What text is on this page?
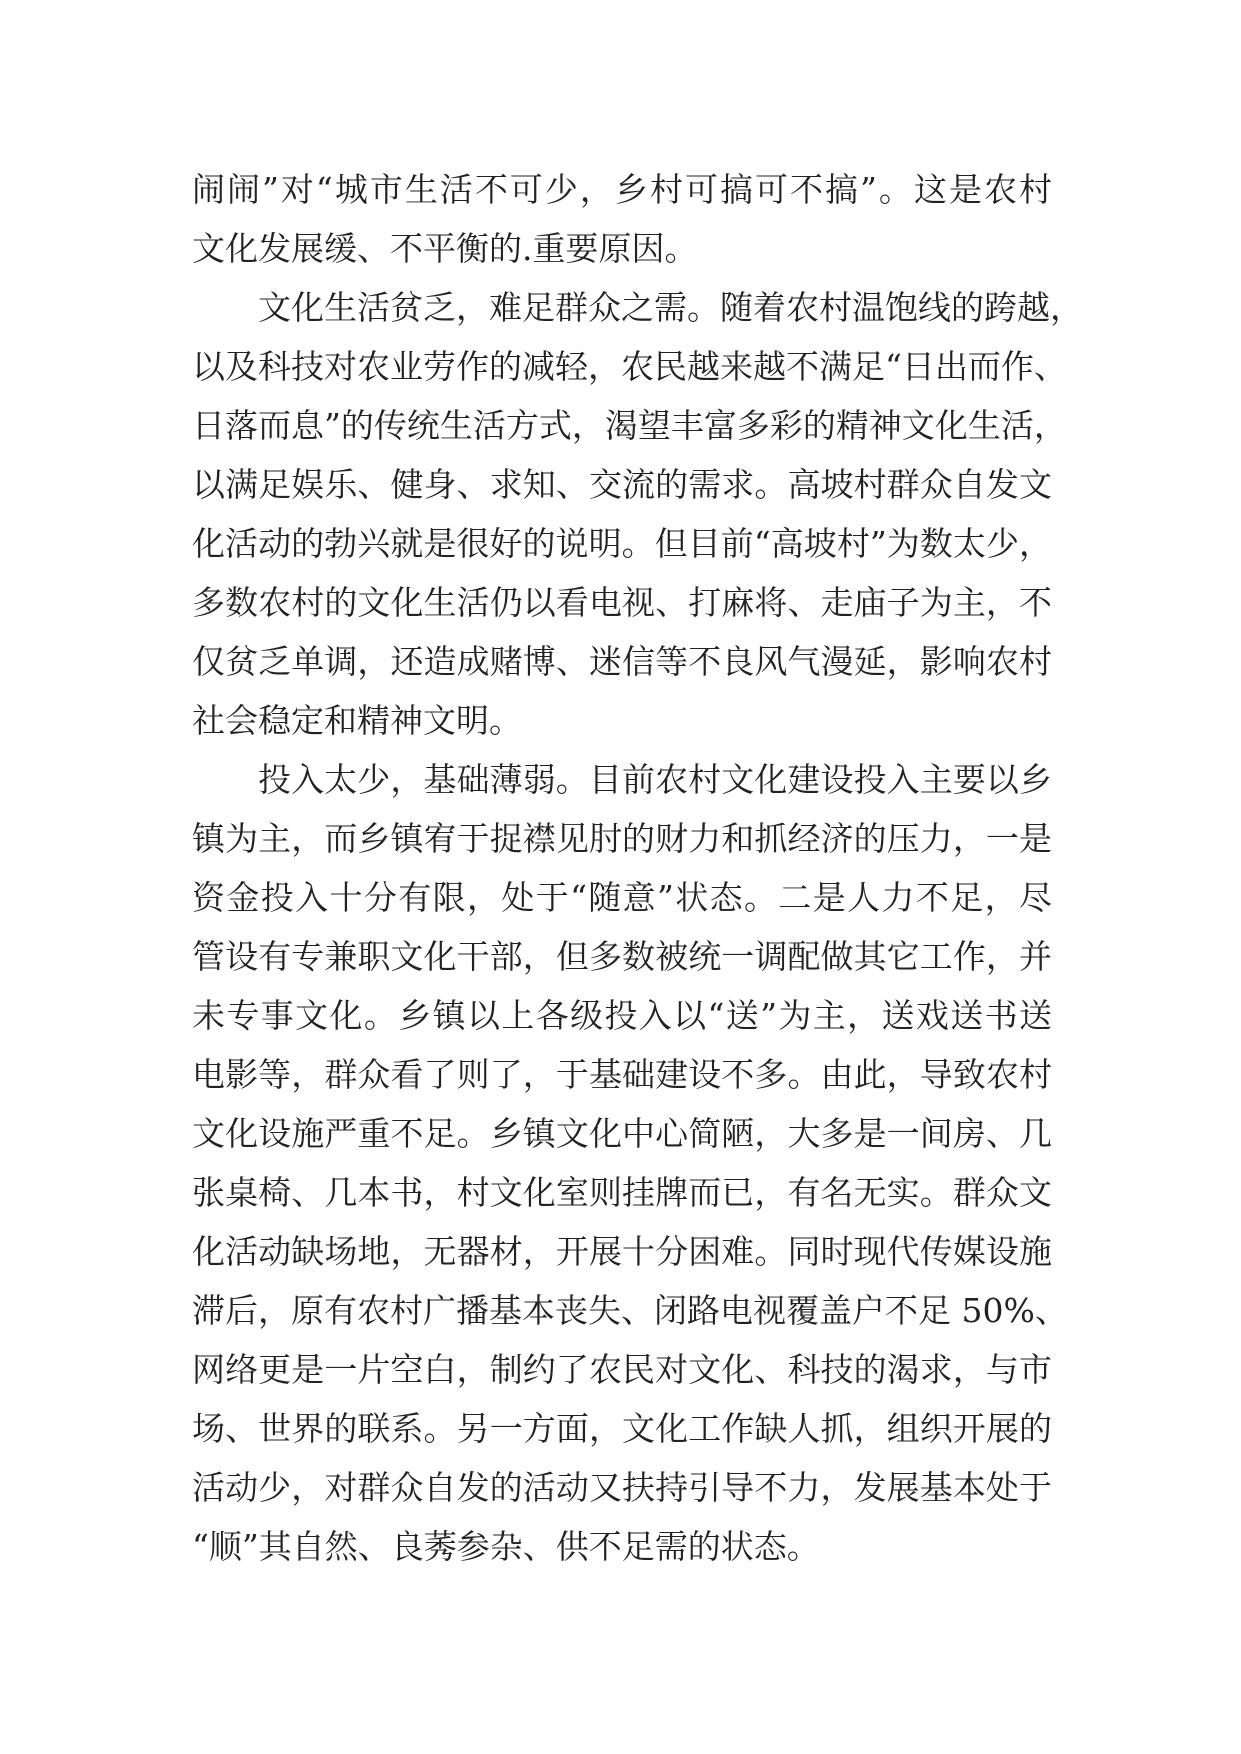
闹闹”对“城市生活不可少，乡村可搞可不搞”。这是农村
文化发展缓、不平衡的.重要原因。
文化生活贫乏，难足群众之需。随着农村温饱线的跨越，
以及科技对农业劳作的减轻，农民越来越不满足“日出而作、
日落而息”的传统生活方式，渴望丰富多彩的精神文化生活，
以满足娱乐、健身、求知、交流的需求。高坡村群众自发文
化活动的勃兴就是很好的说明。但目前“高坡村”为数太少，
多数农村的文化生活仍以看电视、打麻将、走庙子为主，不
仅贫乏单调，还造成赌博、迷信等不良风气漫延，影响农村
社会稳定和精神文明。
投入太少，基础薄弱。目前农村文化建设投入主要以乡
镇为主，而乡镇宥于捉襟见肘的财力和抓经济的压力，一是
资金投入十分有限，处于“随意”状态。二是人力不足，尽
管设有专兼职文化干部，但多数被统一调配做其它工作，并
未专事文化。乡镇以上各级投入以“送”为主，送戏送书送
电影等，群众看了则了，于基础建设不多。由此，导致农村
文化设施严重不足。乡镇文化中心简陋，大多是一间房、几
张桌椅、几本书，村文化室则挂牌而已，有名无实。群众文
化活动缺场地，无器材，开展十分困难。同时现代传媒设施
滞后，原有农村广播基本丧失、闭路电视覆盖户不足 50%、
网络更是一片空白，制约了农民对文化、科技的渴求，与市
场、世界的联系。另一方面，文化工作缺人抓，组织开展的
活动少，对群众自发的活动又扶持引导不力，发展基本处于
“顺”其自然、良莠参杂、供不足需的状态。
